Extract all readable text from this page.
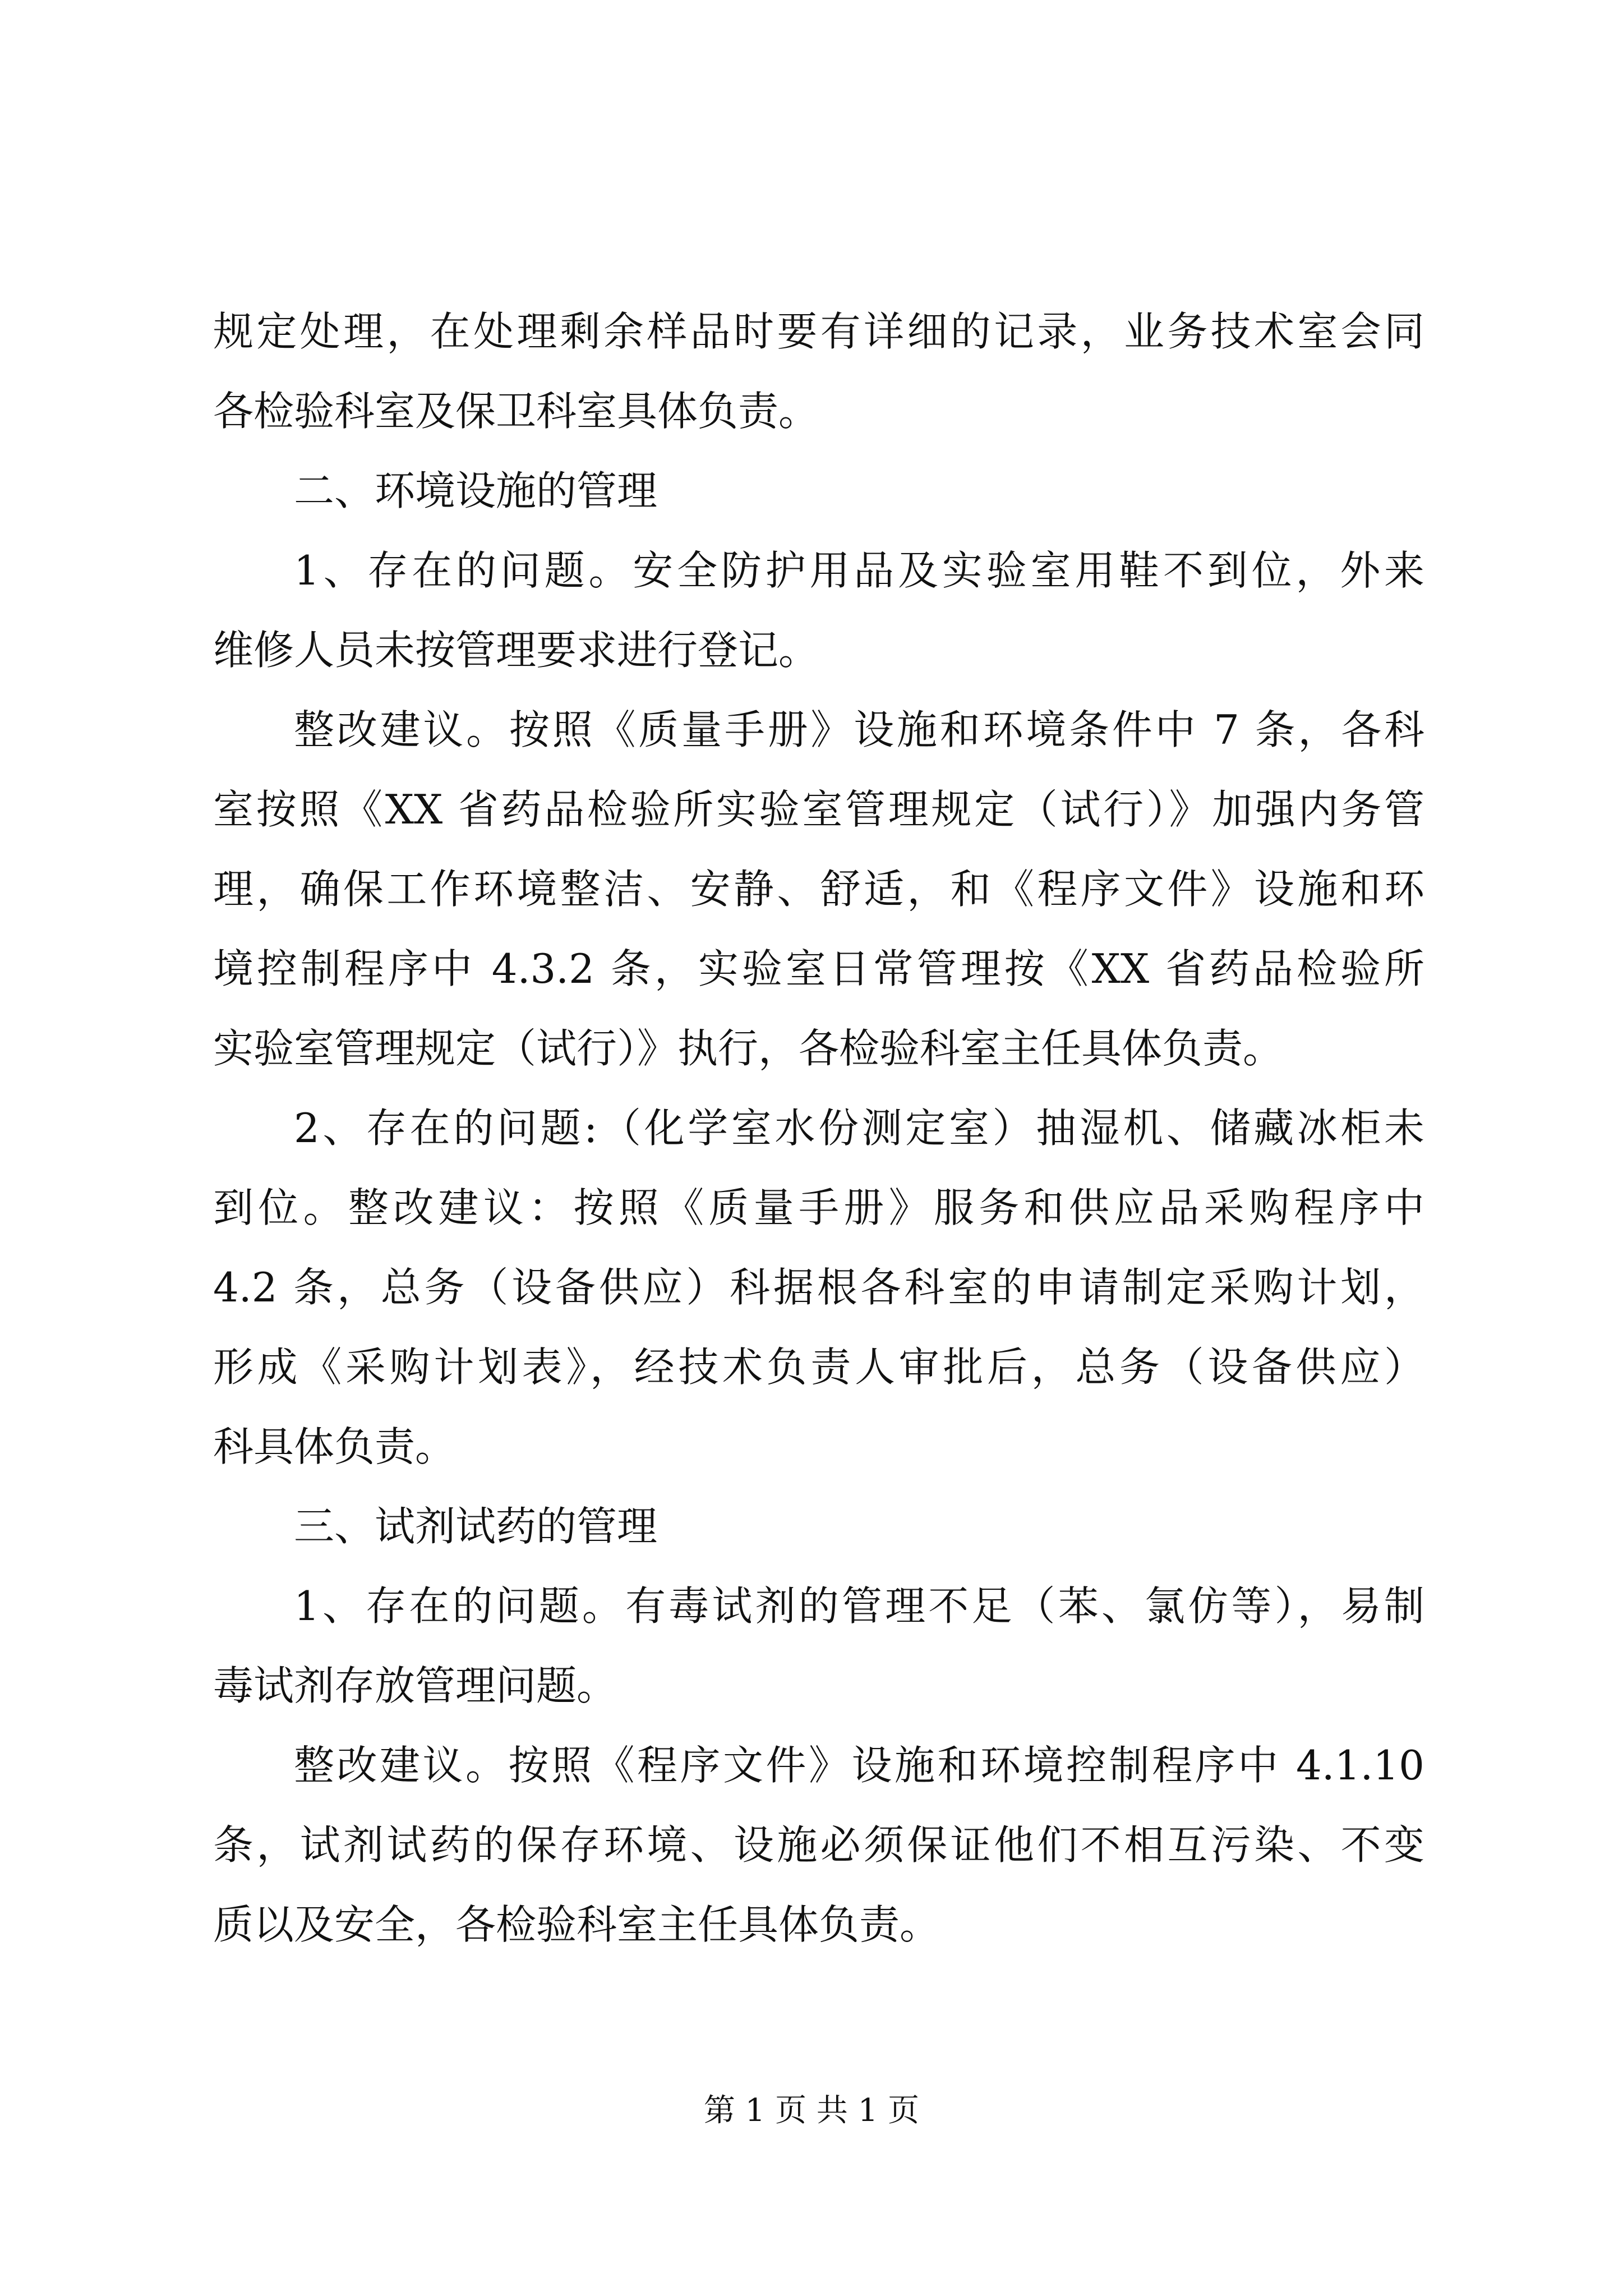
规定处理，在处理剩余样品时要有详细的记录，业务技术室会同
各检验科室及保卫科室具体负责。
二、环境设施的管理
1、存在的问题。安全防护用品及实验室用鞋不到位，外来
维修人员未按管理要求进行登记。
整改建议。按照《质量手册》设施和环境条件中 7 条，各科
室按照《XX 省药品检验所实验室管理规定（试行）》加强内务管
理，确保工作环境整洁、安静、舒适，和《程序文件》设施和环
境控制程序中 4.3.2 条，实验室日常管理按《XX 省药品检验所
实验室管理规定（试行）》执行，各检验科室主任具体负责。
2、存在的问题:（化学室水份测定室）抽湿机、储藏冰柜未
到位。整改建议：按照《质量手册》服务和供应品采购程序中
4.2 条，总务（设备供应）科据根各科室的申请制定采购计划，
形成《采购计划表》，经技术负责人审批后，总务（设备供应）
科具体负责。
三、试剂试药的管理
1、存在的问题。有毒试剂的管理不足（苯、氯仿等），易制
毒试剂存放管理问题。
整改建议。按照《程序文件》设施和环境控制程序中 4.1.10
条，试剂试药的保存环境、设施必须保证他们不相互污染、不变
质以及安全，各检验科室主任具体负责。
第 1 页 共 1 页
